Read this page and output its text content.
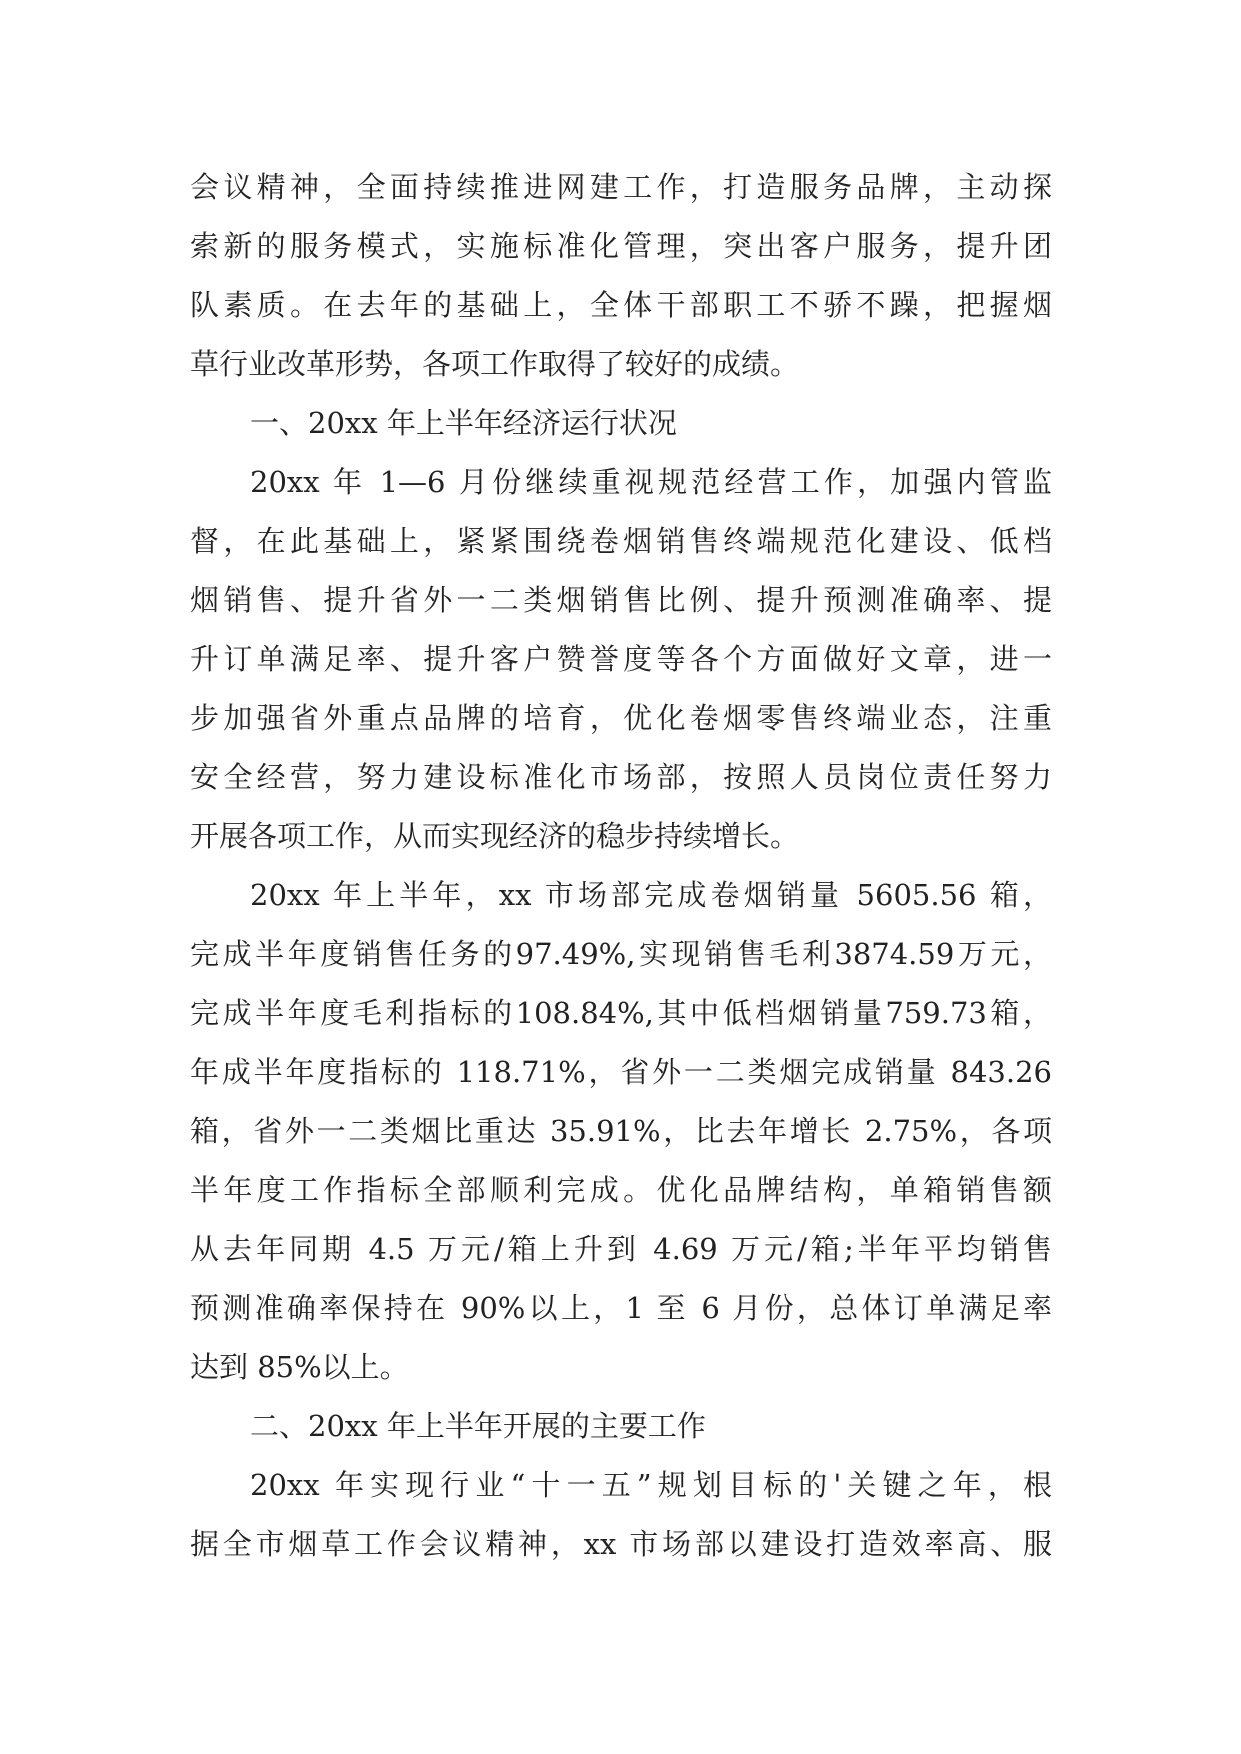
会议精神，全面持续推进网建工作，打造服务品牌，主动探
索新的服务模式，实施标准化管理，突出客户服务，提升团
队素质。在去年的基础上，全体干部职工不骄不躁，把握烟
草行业改革形势，各项工作取得了较好的成绩。
一、20xx 年上半年经济运行状况
20xx 年 1—6 月份继续重视规范经营工作，加强内管监
督，在此基础上，紧紧围绕卷烟销售终端规范化建设、低档
烟销售、提升省外一二类烟销售比例、提升预测准确率、提
升订单满足率、提升客户赞誉度等各个方面做好文章，进一
步加强省外重点品牌的培育，优化卷烟零售终端业态，注重
安全经营，努力建设标准化市场部，按照人员岗位责任努力
开展各项工作，从而实现经济的稳步持续增长。
20xx 年上半年，xx 市场部完成卷烟销量 5605.56 箱，
完成半年度销售任务的97.49%,实现销售毛利3874.59万元，
完成半年度毛利指标的108.84%,其中低档烟销量759.73箱，
年成半年度指标的 118.71%，省外一二类烟完成销量 843.26
箱，省外一二类烟比重达 35.91%，比去年增长 2.75%，各项
半年度工作指标全部顺利完成。优化品牌结构，单箱销售额
从去年同期 4.5 万元/箱上升到 4.69 万元/箱;半年平均销售
预测准确率保持在 90%以上，1 至 6 月份，总体订单满足率
达到 85%以上。
二、20xx 年上半年开展的主要工作
20xx 年实现行业“十一五”规划目标的'关键之年，根
据全市烟草工作会议精神，xx 市场部以建设打造效率高、服
